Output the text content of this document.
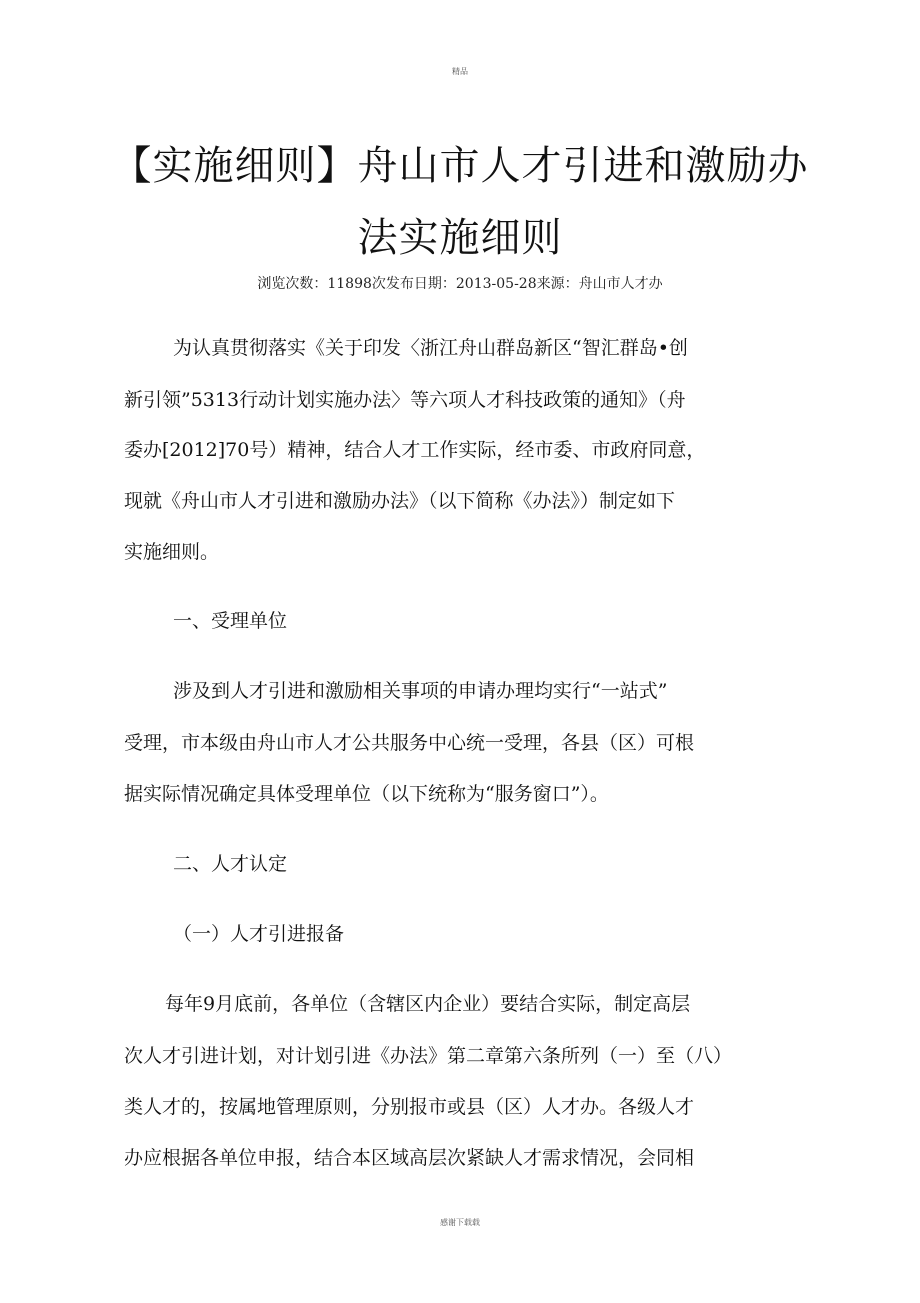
精品
【实施细则】舟山市人才引进和激励办
法实施细则
浏览次数：11898次发布日期：2013-05-28来源：舟山市人才办
为认真贯彻落实《关于印发〈浙江舟山群岛新区“智汇群岛•创
新引领”5313行动计划实施办法〉等六项人才科技政策的通知》（舟
委办[2012]70号）精神，结合人才工作实际，经市委、市政府同意，
现就《舟山市人才引进和激励办法》（以下简称《办法》）制定如下
实施细则。
一、受理单位
涉及到人才引进和激励相关事项的申请办理均实行“一站式”
受理，市本级由舟山市人才公共服务中心统一受理，各县（区）可根
据实际情况确定具体受理单位（以下统称为“服务窗口”）。
二、人才认定
（一）人才引进报备
每年9月底前，各单位（含辖区内企业）要结合实际，制定高层
次人才引进计划，对计划引进《办法》第二章第六条所列（一）至（八）
类人才的，按属地管理原则，分别报市或县（区）人才办。各级人才
办应根据各单位申报，结合本区域高层次紧缺人才需求情况，会同相
感谢下载载
